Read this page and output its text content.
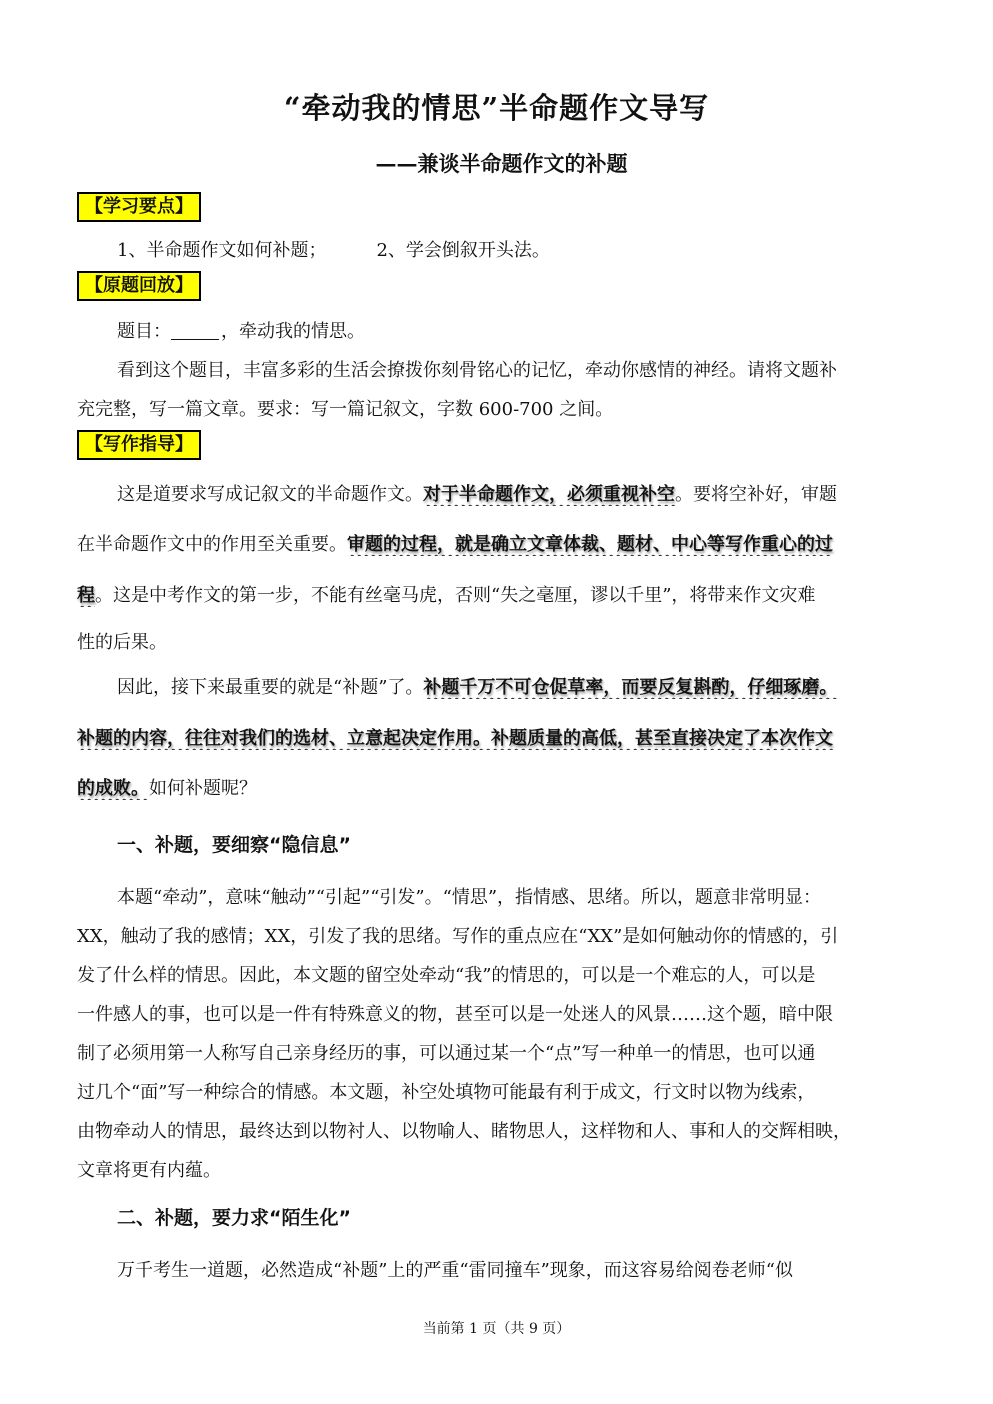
“牵动我的情思”半命题作文导写
——兼谈半命题作文的补题
【学习要点】
1、半命题作文如何补题；	2、学会倒叙开头法。
【原题回放】
题目：	，牵动我的情思。
看到这个题目，丰富多彩的生活会撩拨你刻骨铭心的记忆，牵动你感情的神经。请将文题补
充完整，写一篇文章。要求：写一篇记叙文，字数 600-700 之间。
【写作指导】
这是道要求写成记叙文的半命题作文。对于半命题作文，必须重视补空。要将空补好，审题
在半命题作文中的作用至关重要。审题的过程，就是确立文章体裁、题材、中心等写作重心的过
程。这是中考作文的第一步，不能有丝毫马虎，否则“失之毫厘，谬以千里”，将带来作文灾难
性的后果。
因此，接下来最重要的就是“补题”了。补题千万不可仓促草率，而要反复斟酌，仔细琢磨。
补题的内容，往往对我们的选材、立意起决定作用。补题质量的高低，甚至直接决定了本次作文
的成败。如何补题呢？
一、补题，要细察“隐信息”
本题“牵动”，意味“触动”“引起”“引发”。“情思”，指情感、思绪。所以，题意非常明显：
XX，触动了我的感情；XX，引发了我的思绪。写作的重点应在“XX”是如何触动你的情感的，引
发了什么样的情思。因此，本文题的留空处牵动“我”的情思的，可以是一个难忘的人，可以是
一件感人的事，也可以是一件有特殊意义的物，甚至可以是一处迷人的风景……这个题，暗中限
制了必须用第一人称写自己亲身经历的事，可以通过某一个“点”写一种单一的情思，也可以通
过几个“面”写一种综合的情感。本文题，补空处填物可能最有利于成文，行文时以物为线索，
由物牵动人的情思，最终达到以物衬人、以物喻人、睹物思人，这样物和人、事和人的交辉相映，
文章将更有内蕴。
二、补题，要力求“陌生化”
万千考生一道题，必然造成“补题”上的严重“雷同撞车”现象，而这容易给阅卷老师“似
当前第 1 页（共 9 页）
